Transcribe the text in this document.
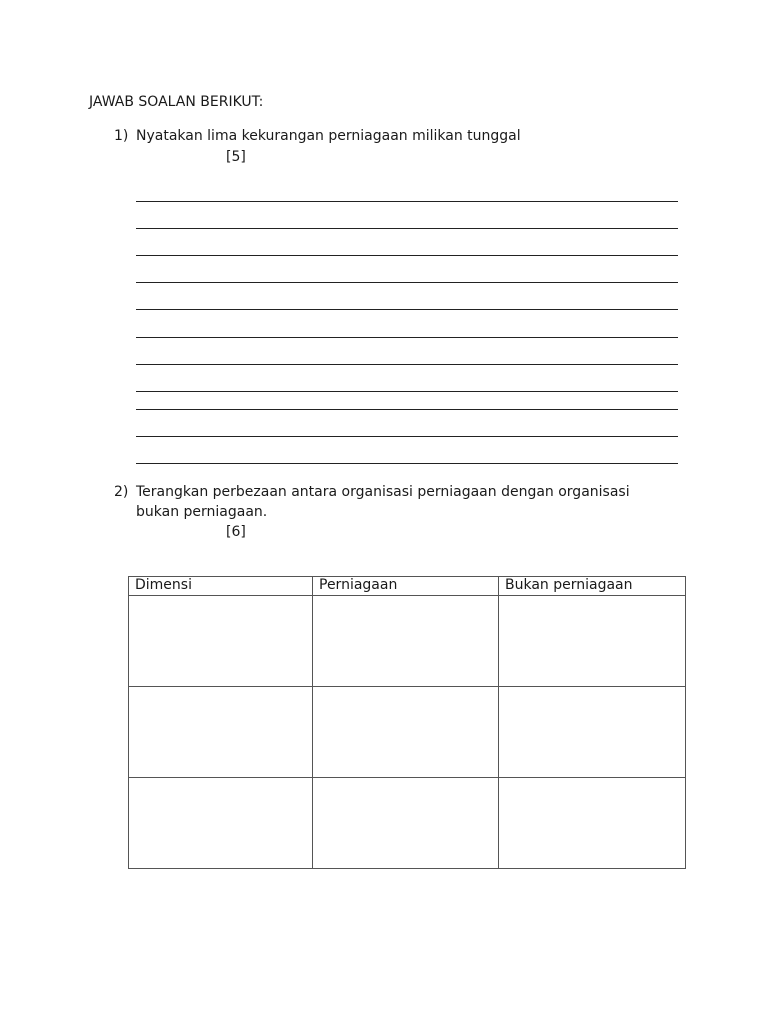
JAWAB SOALAN BERIKUT:
1) Nyatakan lima kekurangan perniagaan milikan tunggal
[5]
2) Terangkan perbezaan antara organisasi perniagaan dengan organisasi
bukan perniagaan.
[6]
Dimensi	Perniagaan	Bukan perniagaan
